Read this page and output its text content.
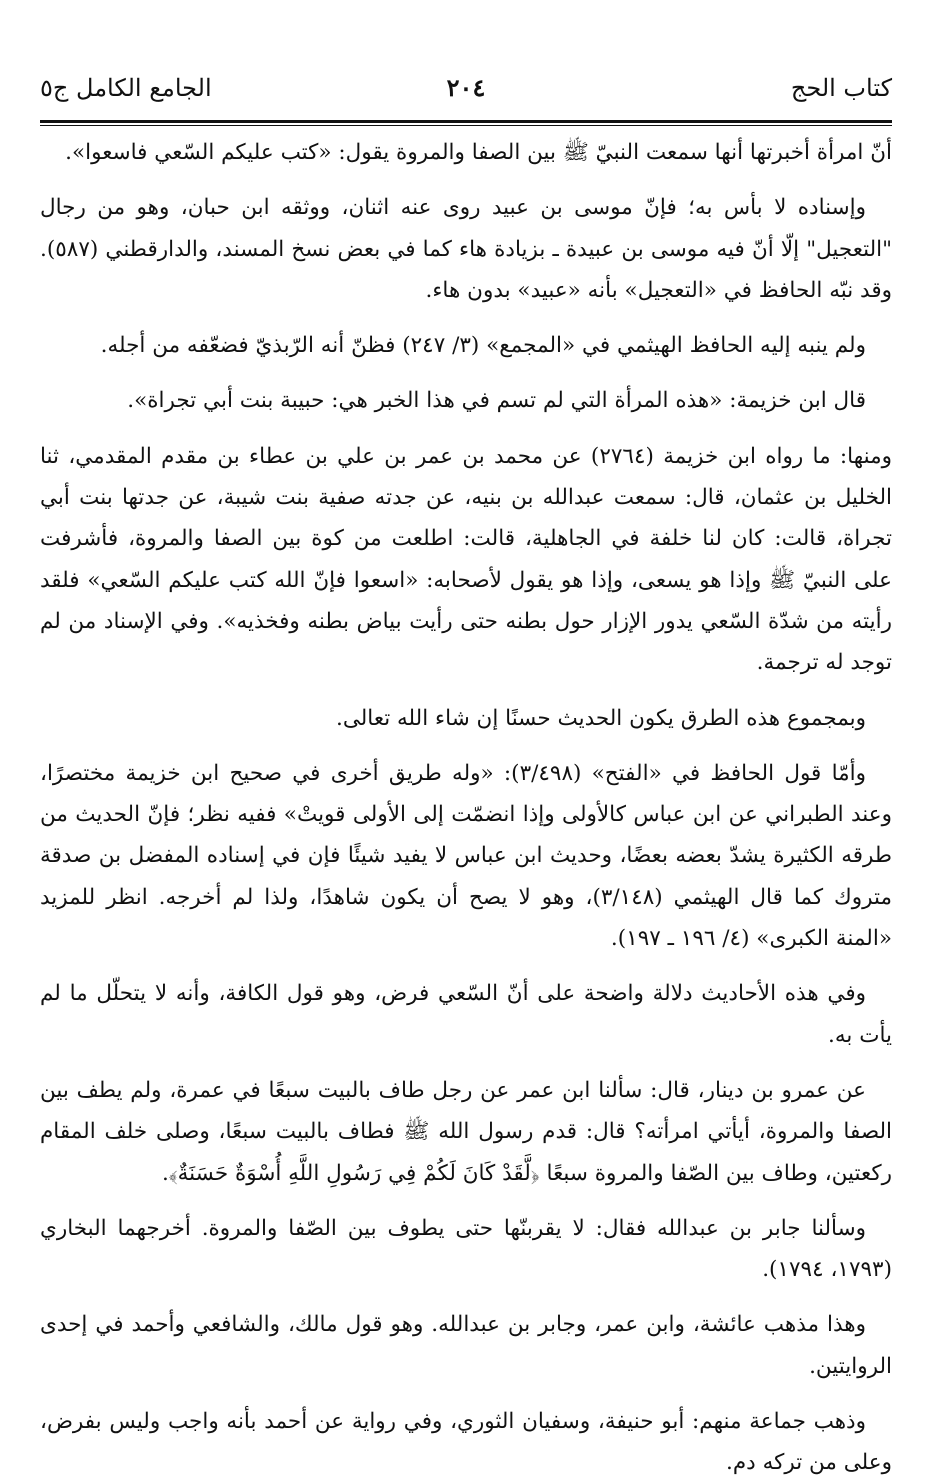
كتاب الحج
٢٠٤
الجامع الكامل ج٥

أنّ امرأة أخبرتها أنها سمعت النبيّ ﷺ بين الصفا والمروة يقول: «كتب عليكم السّعي فاسعوا».

وإسناده لا بأس به؛ فإنّ موسى بن عبيد روى عنه اثنان، ووثقه ابن حبان، وهو من رجال "التعجيل" إلّا أنّ فيه موسى بن عبيدة ـ بزيادة هاء كما في بعض نسخ المسند، والدارقطني (٥٨٧). وقد نبّه الحافظ في «التعجيل» بأنه «عبيد» بدون هاء.

ولم ينبه إليه الحافظ الهيثمي في «المجمع» (٣/ ٢٤٧) فظنّ أنه الرّبذيّ فضعّفه من أجله.

قال ابن خزيمة: «هذه المرأة التي لم تسم في هذا الخبر هي: حبيبة بنت أبي تجراة».

ومنها: ما رواه ابن خزيمة (٢٧٦٤) عن محمد بن عمر بن علي بن عطاء بن مقدم المقدمي، ثنا الخليل بن عثمان، قال: سمعت عبدالله بن بنيه، عن جدته صفية بنت شيبة، عن جدتها بنت أبي تجراة، قالت: كان لنا خلفة في الجاهلية، قالت: اطلعت من كوة بين الصفا والمروة، فأشرفت على النبيّ ﷺ وإذا هو يسعى، وإذا هو يقول لأصحابه: «اسعوا فإنّ الله كتب عليكم السّعي» فلقد رأيته من شدّة السّعي يدور الإزار حول بطنه حتى رأيت بياض بطنه وفخذيه». وفي الإسناد من لم توجد له ترجمة.

وبمجموع هذه الطرق يكون الحديث حسنًا إن شاء الله تعالى.

وأمّا قول الحافظ في «الفتح» (٣/٤٩٨): «وله طريق أخرى في صحيح ابن خزيمة مختصرًا، وعند الطبراني عن ابن عباس كالأولى وإذا انضمّت إلى الأولى قويتْ» ففيه نظر؛ فإنّ الحديث من طرقه الكثيرة يشدّ بعضه بعضًا، وحديث ابن عباس لا يفيد شيئًا فإن في إسناده المفضل بن صدقة متروك كما قال الهيثمي (٣/١٤٨)، وهو لا يصح أن يكون شاهدًا، ولذا لم أخرجه. انظر للمزيد «المنة الكبرى» (٤/ ١٩٦ ـ ١٩٧).

وفي هذه الأحاديث دلالة واضحة على أنّ السّعي فرض، وهو قول الكافة، وأنه لا يتحلّل ما لم يأت به.

عن عمرو بن دينار، قال: سألنا ابن عمر عن رجل طاف بالبيت سبعًا في عمرة، ولم يطف بين الصفا والمروة، أيأتي امرأته؟ قال: قدم رسول الله ﷺ فطاف بالبيت سبعًا، وصلى خلف المقام ركعتين، وطاف بين الصّفا والمروة سبعًا ﴿لَّقَدْ كَانَ لَكُمْ فِي رَسُولِ اللَّهِ أُسْوَةٌ حَسَنَةٌ﴾.

وسألنا جابر بن عبدالله فقال: لا يقربنّها حتى يطوف بين الصّفا والمروة. أخرجهما البخاري (١٧٩٣، ١٧٩٤).

وهذا مذهب عائشة، وابن عمر، وجابر بن عبدالله. وهو قول مالك، والشافعي وأحمد في إحدى الروايتين.

وذهب جماعة منهم: أبو حنيفة، وسفيان الثوري، وفي رواية عن أحمد بأنه واجب وليس بفرض، وعلى من تركه دم.
